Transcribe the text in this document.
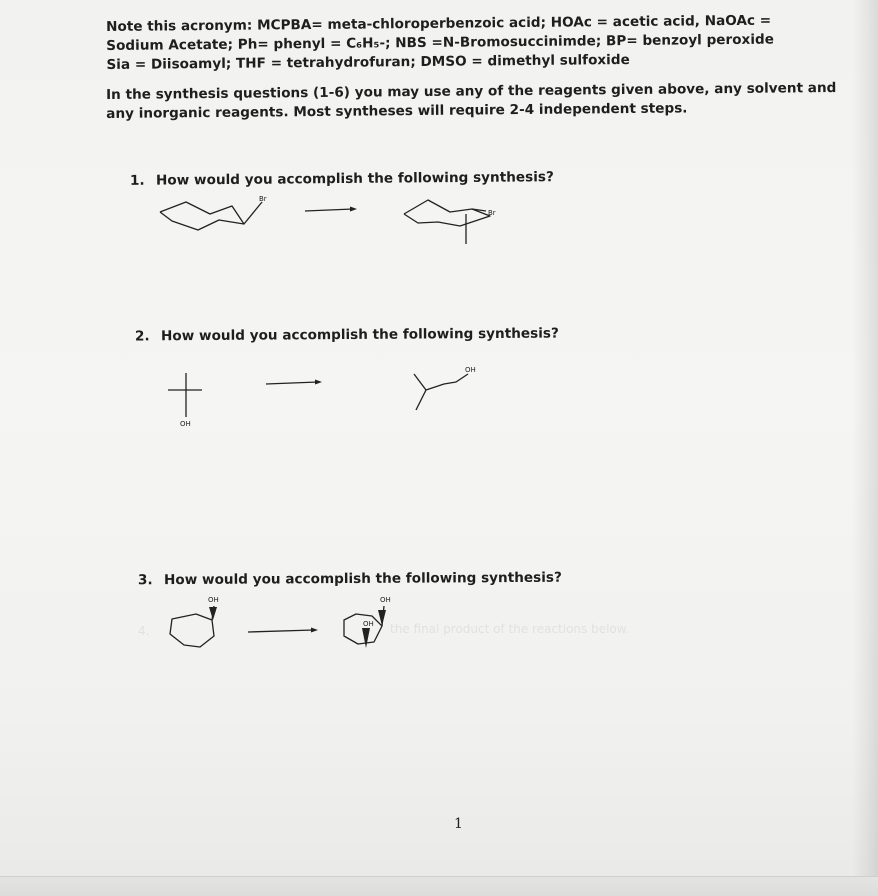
Note this acronym: MCPBA= meta-chloroperbenzoic acid; HOAc = acetic acid, NaOAc =
Sodium Acetate; Ph= phenyl = C₆H₅-; NBS =N-Bromosuccinimde; BP= benzoyl peroxide
Sia = Diisoamyl; THF = tetrahydrofuran; DMSO = dimethyl sulfoxide
In the synthesis questions (1-6) you may use any of the reagents given above, any solvent and
any inorganic reagents. Most syntheses will require 2-4 independent steps.
1. How would you accomplish the following synthesis?
Br
Br
2. How would you accomplish the following synthesis?
OH
OH
3. How would you accomplish the following synthesis?
OH	OH
OH
4.	the final product of the reactions below.
1
